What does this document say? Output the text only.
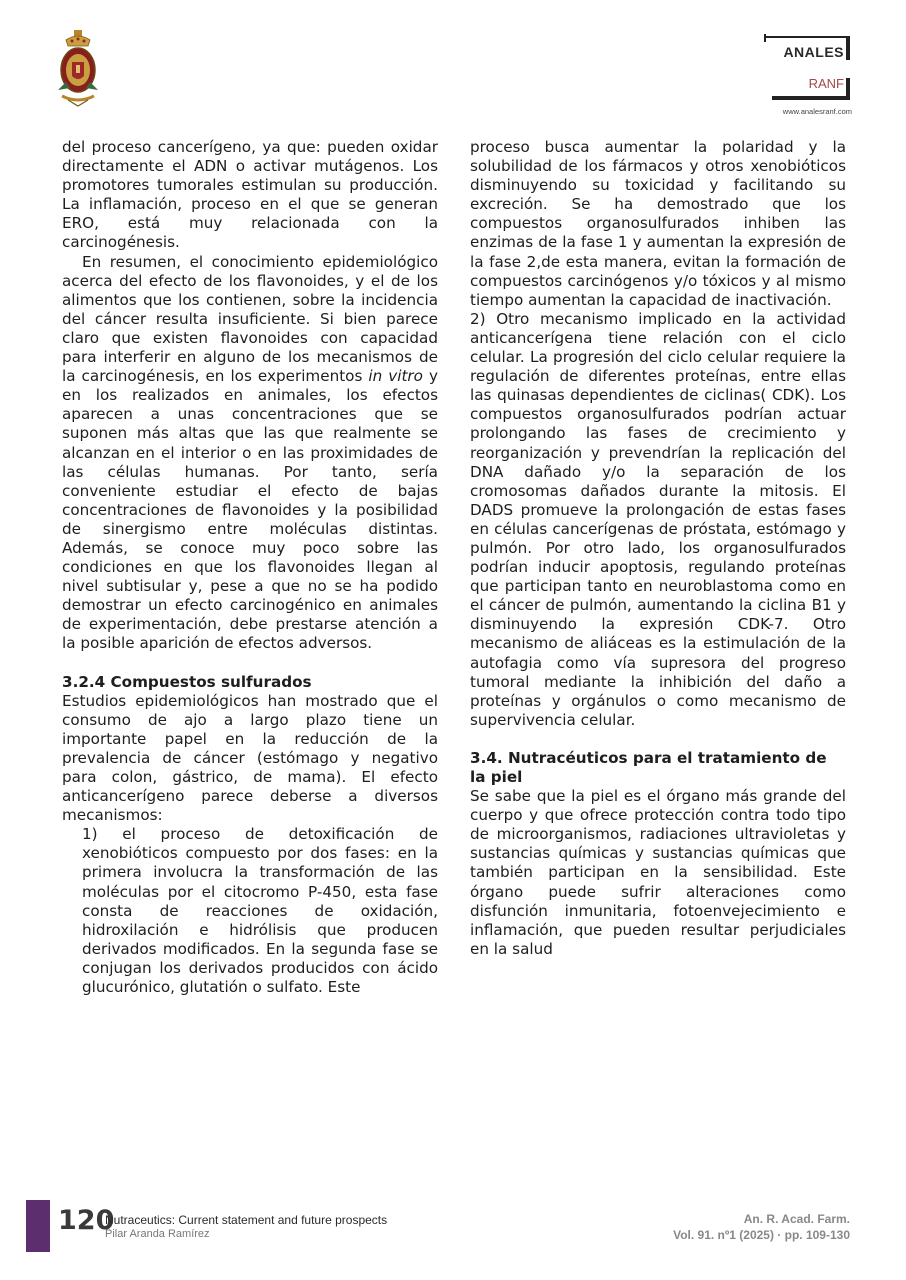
ANALES
RANF
www.analesranf.com

del proceso cancerígeno, ya que: pueden oxidar directamente el ADN o activar mutágenos. Los promotores tumorales estimulan su producción. La inflamación, proceso en el que se generan ERO, está muy relacionada con la carcinogénesis.

En resumen, el conocimiento epidemiológico acerca del efecto de los flavonoides, y el de los alimentos que los contienen, sobre la incidencia del cáncer resulta insuficiente. Si bien parece claro que existen flavonoides con capacidad para interferir en alguno de los mecanismos de la carcinogénesis, en los experimentos in vitro y en los realizados en animales, los efectos aparecen a unas concentraciones que se suponen más altas que las que realmente se alcanzan en el interior o en las proximidades de las células humanas. Por tanto, sería conveniente estudiar el efecto de bajas concentraciones de flavonoides y la posibilidad de sinergismo entre moléculas distintas. Además, se conoce muy poco sobre las condiciones en que los flavonoides llegan al nivel subtisular y, pese a que no se ha podido demostrar un efecto carcinogénico en animales de experimentación, debe prestarse atención a la posible aparición de efectos adversos.

3.2.4 Compuestos sulfurados

Estudios epidemiológicos han mostrado que el consumo de ajo a largo plazo tiene un importante papel en la reducción de la prevalencia de cáncer (estómago y negativo para colon, gástrico, de mama). El efecto anticancerígeno parece deberse a diversos mecanismos:

1) el proceso de detoxificación de xenobióticos compuesto por dos fases: en la primera involucra la transformación de las moléculas por el citocromo P-450, esta fase consta de reacciones de oxidación, hidroxilación e hidrólisis que producen derivados modificados. En la segunda fase se conjugan los derivados producidos con ácido glucurónico, glutatión o sulfato. Este

proceso busca aumentar la polaridad y la solubilidad de los fármacos y otros xenobióticos disminuyendo su toxicidad y facilitando su excreción. Se ha demostrado que los compuestos organosulfurados inhiben las enzimas de la fase 1 y aumentan la expresión de la fase 2,de esta manera, evitan la formación de compuestos carcinógenos y/o tóxicos y al mismo tiempo aumentan la capacidad de inactivación.

2) Otro mecanismo implicado en la actividad anticancerígena tiene relación con el ciclo celular. La progresión del ciclo celular requiere la regulación de diferentes proteínas, entre ellas las quinasas dependientes de ciclinas( CDK). Los compuestos organosulfurados podrían actuar prolongando las fases de crecimiento y reorganización y prevendrían la replicación del DNA dañado y/o la separación de los cromosomas dañados durante la mitosis. El DADS promueve la prolongación de estas fases en células cancerígenas de próstata, estómago y pulmón. Por otro lado, los organosulfurados podrían inducir apoptosis, regulando proteínas que participan tanto en neuroblastoma como en el cáncer de pulmón, aumentando la ciclina B1 y disminuyendo la expresión CDK-7. Otro mecanismo de aliáceas es la estimulación de la autofagia como vía supresora del progreso tumoral mediante la inhibición del daño a proteínas y orgánulos o como mecanismo de supervivencia celular.

3.4. Nutracéuticos para el tratamiento de la piel

Se sabe que la piel es el órgano más grande del cuerpo y que ofrece protección contra todo tipo de microorganismos, radiaciones ultravioletas y sustancias químicas y sustancias químicas que también participan en la sensibilidad. Este órgano puede sufrir alteraciones como disfunción inmunitaria, fotoenvejecimiento e inflamación, que pueden resultar perjudiciales en la salud

120
Nutraceutics: Current statement and future prospects
Pilar Aranda Ramírez
An. R. Acad. Farm.
Vol. 91. nº1 (2025) · pp. 109-130
